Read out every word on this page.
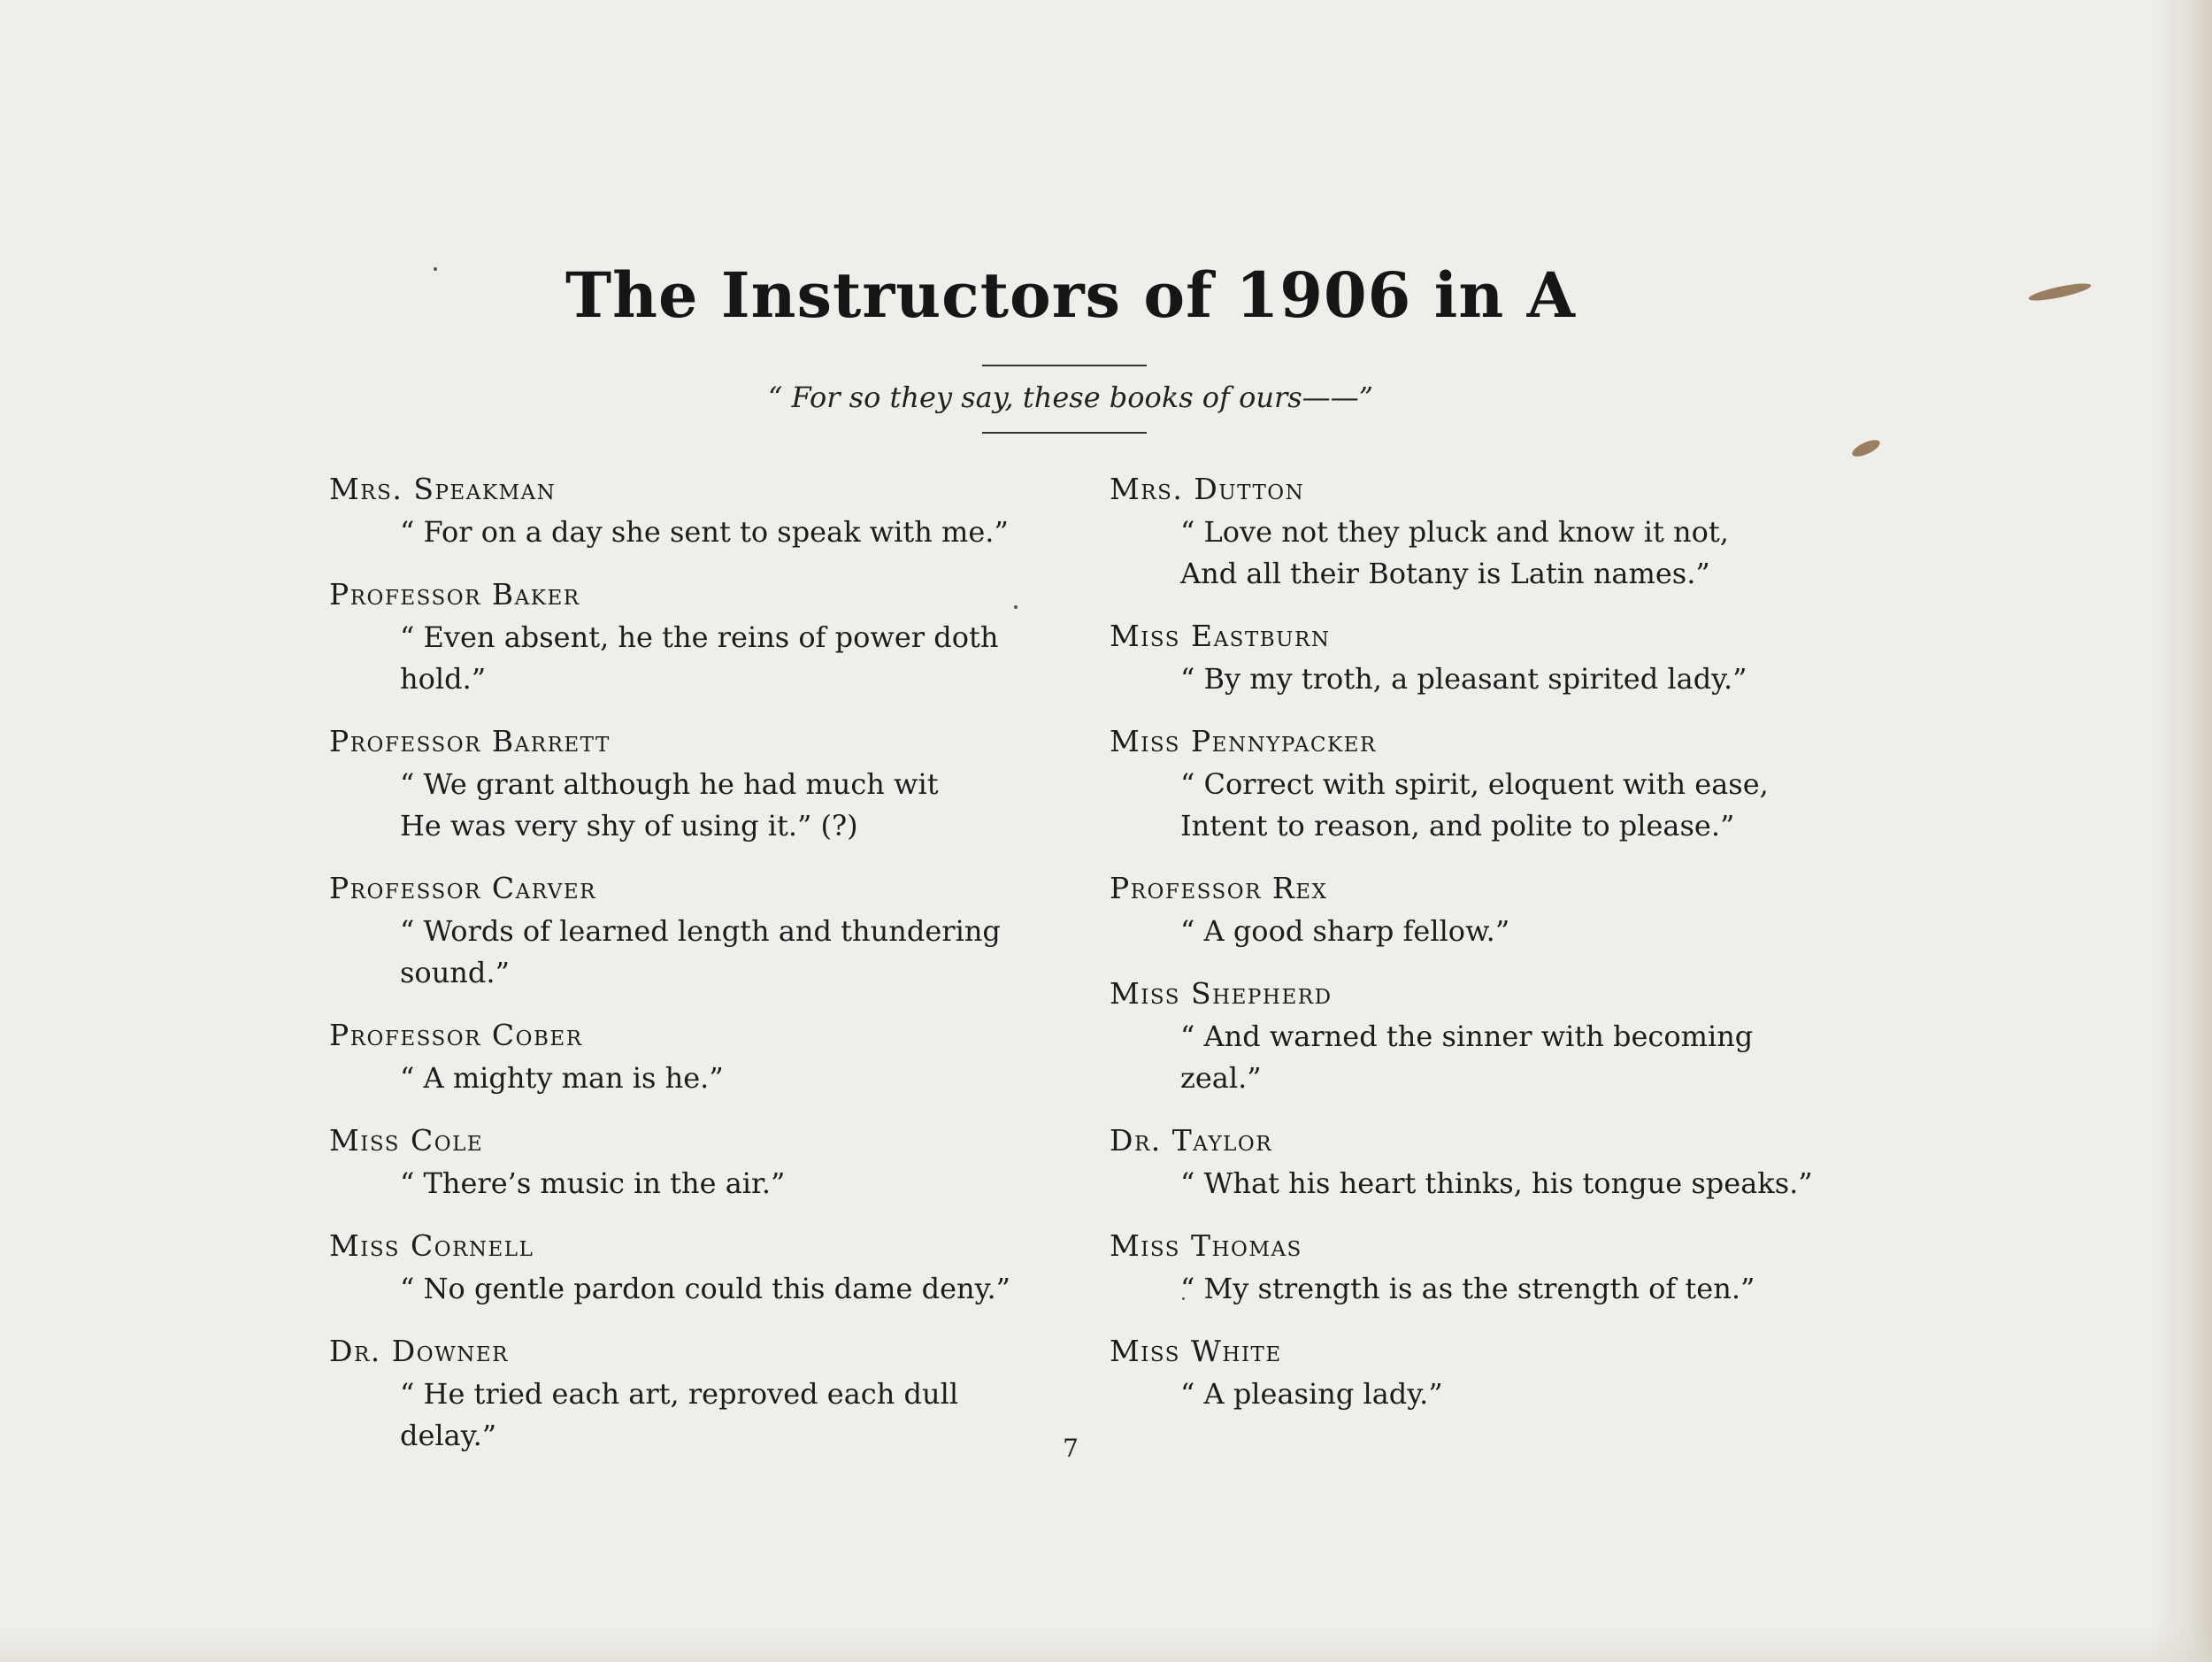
The Instructors of 1906 in A

“ For so they say, these books of ours——”

Mrs. Speakman

“ For on a day she sent to speak with me.”

Professor Baker

“ Even absent, he the reins of power doth
hold.”

Professor Barrett

“ We grant although he had much wit
He was very shy of using it.” (?)

Professor Carver

“ Words of learned length and thundering
sound.”

Professor Cober

“ A mighty man is he.”

Miss Cole

“ There’s music in the air.”

Miss Cornell

“ No gentle pardon could this dame deny.”

Dr. Downer

“ He tried each art, reproved each dull
delay.”

Mrs. Dutton

“ Love not they pluck and know it not,
And all their Botany is Latin names.”

Miss Eastburn

“ By my troth, a pleasant spirited lady.”

Miss Pennypacker

“ Correct with spirit, eloquent with ease,
Intent to reason, and polite to please.”

Professor Rex

“ A good sharp fellow.”

Miss Shepherd

“ And warned the sinner with becoming
zeal.”

Dr. Taylor

“ What his heart thinks, his tongue speaks.”

Miss Thomas

“ My strength is as the strength of ten.”

Miss White

“ A pleasing lady.”

7
